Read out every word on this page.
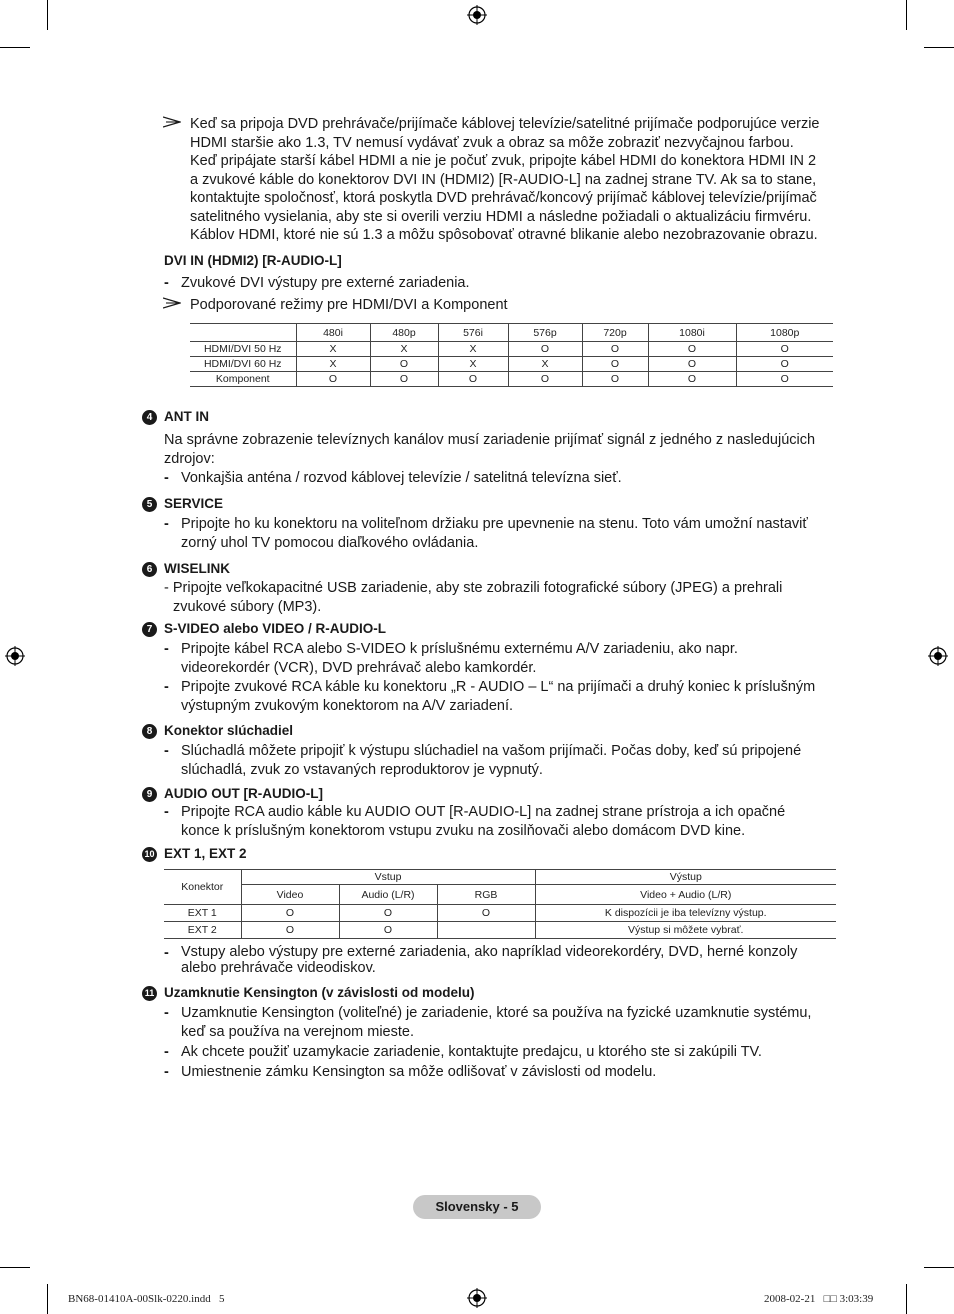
Keď sa pripoja DVD prehrávače/prijímače káblovej televízie/satelitné prijímače podporujúce verzie
HDMI staršie ako 1.3, TV nemusí vydávať zvuk a obraz sa môže zobraziť nezvyčajnou farbou.
Keď pripájate starší kábel HDMI a nie je počuť zvuk, pripojte kábel HDMI do konektora HDMI IN 2
a zvukové káble do konektorov DVI IN (HDMI2) [R-AUDIO-L] na zadnej strane TV. Ak sa to stane,
kontaktujte spoločnosť, ktorá poskytla DVD prehrávač/koncový prijímač káblovej televízie/prijímač
satelitného vysielania, aby ste si overili verziu HDMI a následne požiadali o aktualizáciu firmvéru.
Káblov HDMI, ktoré nie sú 1.3 a môžu spôsobovať otravné blikanie alebo nezobrazovanie obrazu.
DVI IN (HDMI2) [R-AUDIO-L]
- Zvukové DVI výstupy pre externé zariadenia.
Podporované režimy pre HDMI/DVI a Komponent
	480i	480p	576i	576p	720p	1080i	1080p
HDMI/DVI 50 Hz	X	X	X	O	O	O	O
HDMI/DVI 60 Hz	X	O	X	X	O	O	O
Komponent	O	O	O	O	O	O	O
4 ANT IN
Na správne zobrazenie televíznych kanálov musí zariadenie prijímať signál z jedného z nasledujúcich
zdrojov:
- Vonkajšia anténa / rozvod káblovej televízie / satelitná televízna sieť.
5 SERVICE
- Pripojte ho ku konektoru na voliteľnom držiaku pre upevnenie na stenu. Toto vám umožní nastaviť
zorný uhol TV pomocou diaľkového ovládania.
6 WISELINK
- Pripojte veľkokapacitné USB zariadenie, aby ste zobrazili fotografické súbory (JPEG) a prehrali
zvukové súbory (MP3).
7 S-VIDEO alebo VIDEO / R-AUDIO-L
- Pripojte kábel RCA alebo S-VIDEO k príslušnému externému A/V zariadeniu, ako napr.
videorekordér (VCR), DVD prehrávač alebo kamkordér.
- Pripojte zvukové RCA káble ku konektoru „R - AUDIO – L“ na prijímači a druhý koniec k príslušným
výstupným zvukovým konektorom na A/V zariadení.
8 Konektor slúchadiel
- Slúchadlá môžete pripojiť k výstupu slúchadiel na vašom prijímači. Počas doby, keď sú pripojené
slúchadlá, zvuk zo vstavaných reproduktorov je vypnutý.
9 AUDIO OUT [R-AUDIO-L]
- Pripojte RCA audio káble ku AUDIO OUT [R-AUDIO-L] na zadnej strane prístroja a ich opačné
konce k príslušným konektorom vstupu zvuku na zosilňovači alebo domácom DVD kine.
10 EXT 1, EXT 2
Konektor	Vstup			Výstup
	Video	Audio (L/R)	RGB	Video + Audio (L/R)
EXT 1	O	O	O	K dispozícii je iba televízny výstup.
EXT 2	O	O		Výstup si môžete vybrať.
- Vstupy alebo výstupy pre externé zariadenia, ako napríklad videorekordéry, DVD, herné konzoly
alebo prehrávače videodiskov.
11 Uzamknutie Kensington (v závislosti od modelu)
- Uzamknutie Kensington (voliteľné) je zariadenie, ktoré sa používa na fyzické uzamknutie systému,
keď sa používa na verejnom mieste.
- Ak chcete použiť uzamykacie zariadenie, kontaktujte predajcu, u ktorého ste si zakúpili TV.
- Umiestnenie zámku Kensington sa môže odlišovať v závislosti od modelu.
Slovensky - 5
BN68-01410A-00Slk-0220.indd   5	2008-02-21   □□ 3:03:39
